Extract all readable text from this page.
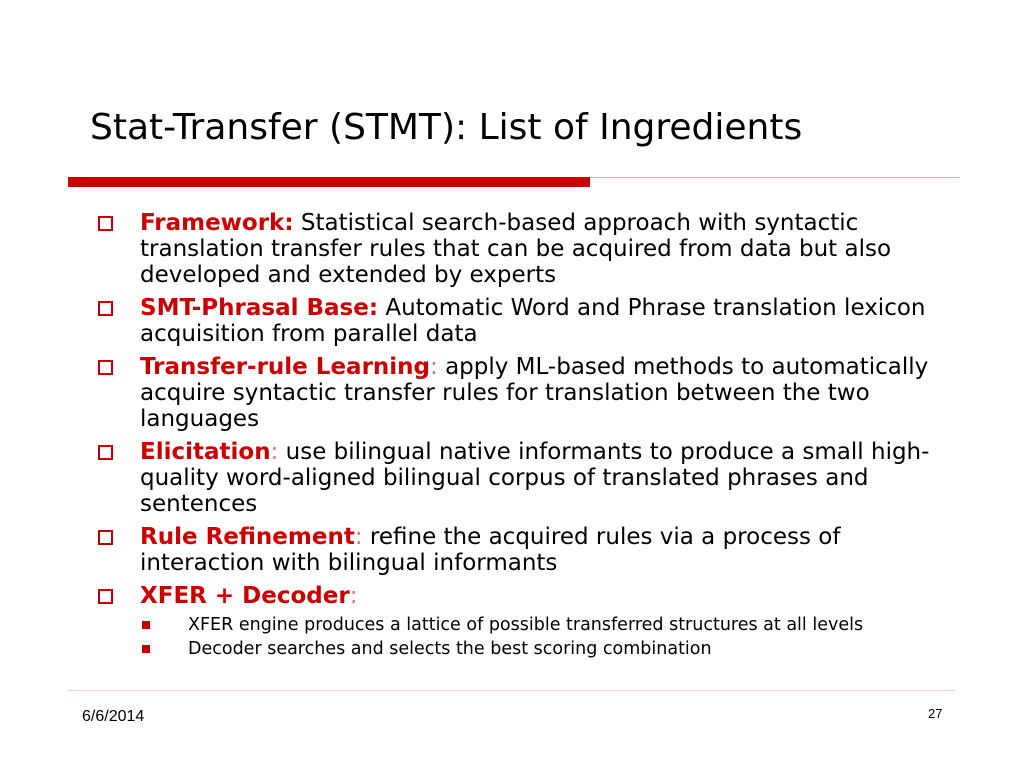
Stat-Transfer (STMT): List of Ingredients
Framework: Statistical search-based approach with syntactic translation transfer rules that can be acquired from data but also developed and extended by experts
SMT-Phrasal Base: Automatic Word and Phrase translation lexicon acquisition from parallel data
Transfer-rule Learning: apply ML-based methods to automatically acquire syntactic transfer rules for translation between the two languages
Elicitation: use bilingual native informants to produce a small high-quality word-aligned bilingual corpus of translated phrases and sentences
Rule Refinement: refine the acquired rules via a process of interaction with bilingual informants
XFER + Decoder:
XFER engine produces a lattice of possible transferred structures at all levels
Decoder searches and selects the best scoring combination
6/6/2014	27
